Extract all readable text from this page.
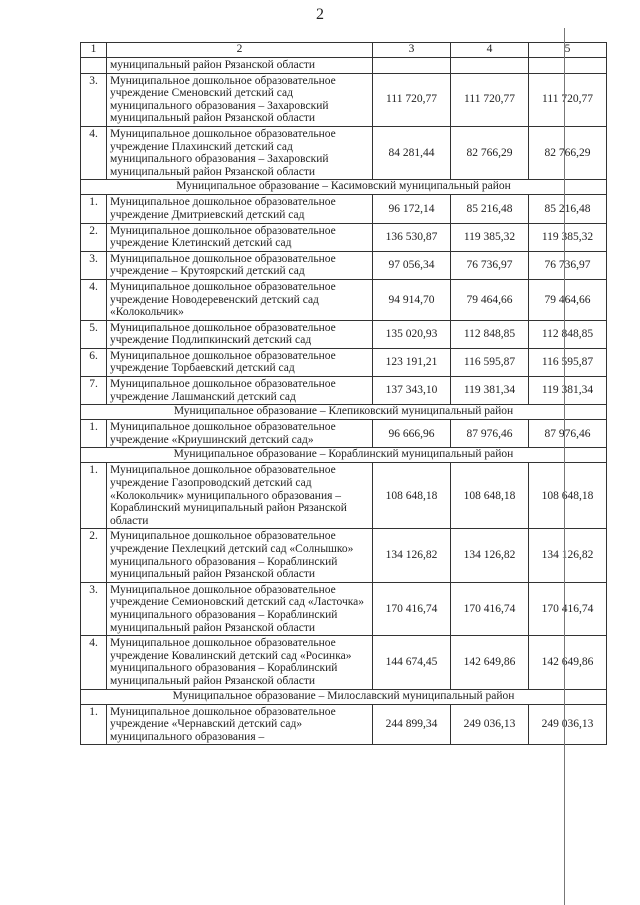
2
1	2	3	4	5
	муниципальный район Рязанской области			
3.	Муниципальное дошкольное образовательное учреждение Сменовский детский сад муниципального образования – Захаровский муниципальный район Рязанской области	111 720,77	111 720,77	111 720,77
4.	Муниципальное дошкольное образовательное учреждение Плахинский детский сад муниципального образования – Захаровский муниципальный район Рязанской области	84 281,44	82 766,29	82 766,29
Муниципальное образование – Касимовский муниципальный район				
1.	Муниципальное дошкольное образовательное учреждение Дмитриевский детский сад	96 172,14	85 216,48	85 216,48
2.	Муниципальное дошкольное образовательное учреждение Клетинский детский сад	136 530,87	119 385,32	119 385,32
3.	Муниципальное дошкольное образовательное учреждение – Крутоярский детский сад	97 056,34	76 736,97	76 736,97
4.	Муниципальное дошкольное образовательное учреждение Новодеревенский детский сад «Колокольчик»	94 914,70	79 464,66	79 464,66
5.	Муниципальное дошкольное образовательное учреждение Подлипкинский детский сад	135 020,93	112 848,85	112 848,85
6.	Муниципальное дошкольное образовательное учреждение Торбаевский детский сад	123 191,21	116 595,87	116 595,87
7.	Муниципальное дошкольное образовательное учреждение Лашманский детский сад	137 343,10	119 381,34	119 381,34
Муниципальное образование – Клепиковский муниципальный район				
1.	Муниципальное дошкольное образовательное учреждение «Криушинский детский сад»	96 666,96	87 976,46	87 976,46
Муниципальное образование – Кораблинский муниципальный район				
1.	Муниципальное дошкольное образовательное учреждение Газопроводский детский сад «Колокольчик» муниципального образования – Кораблинский муниципальный район Рязанской области	108 648,18	108 648,18	108 648,18
2.	Муниципальное дошкольное образовательное учреждение Пехлецкий детский сад «Солнышко» муниципального образования – Кораблинский муниципальный район Рязанской области	134 126,82	134 126,82	134 126,82
3.	Муниципальное дошкольное образовательное учреждение Семионовский детский сад «Ласточка» муниципального образования – Кораблинский муниципальный район Рязанской области	170 416,74	170 416,74	170 416,74
4.	Муниципальное дошкольное образовательное учреждение Ковалинский детский сад «Росинка» муниципального образования – Кораблинский муниципальный район Рязанской области	144 674,45	142 649,86	142 649,86
Муниципальное образование – Милославский муниципальный район				
1.	Муниципальное дошкольное образовательное учреждение «Чернавский детский сад» муниципального образования –	244 899,34	249 036,13	249 036,13
